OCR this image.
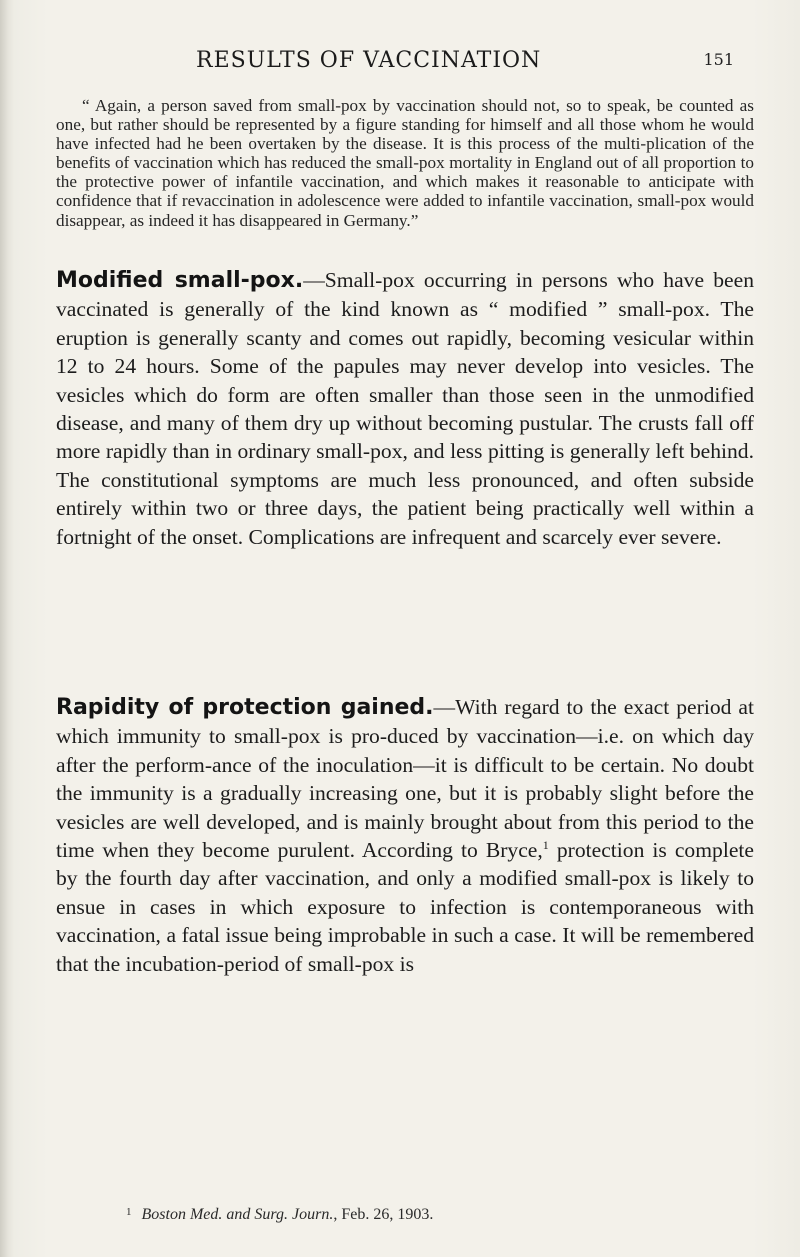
RESULTS OF VACCINATION	151

“ Again, a person saved from small-pox by vaccination should not, so to speak, be counted as one, but rather should be represented by a figure standing for himself and all those whom he would have infected had he been overtaken by the disease. It is this process of the multi-plication of the benefits of vaccination which has reduced the small-pox mortality in England out of all proportion to the protective power of infantile vaccination, and which makes it reasonable to anticipate with confidence that if revaccination in adolescence were added to infantile vaccination, small-pox would disappear, as indeed it has disappeared in Germany.”

Modified small-pox.—Small-pox occurring in persons who have been vaccinated is generally of the kind known as “ modified ” small-pox. The eruption is generally scanty and comes out rapidly, becoming vesicular within 12 to 24 hours. Some of the papules may never develop into vesicles. The vesicles which do form are often smaller than those seen in the unmodified disease, and many of them dry up without becoming pustular. The crusts fall off more rapidly than in ordinary small-pox, and less pitting is generally left behind. The constitutional symptoms are much less pronounced, and often subside entirely within two or three days, the patient being practically well within a fortnight of the onset. Complications are infrequent and scarcely ever severe.

Rapidity of protection gained.—With regard to the exact period at which immunity to small-pox is pro-duced by vaccination—i.e. on which day after the perform-ance of the inoculation—it is difficult to be certain. No doubt the immunity is a gradually increasing one, but it is probably slight before the vesicles are well developed, and is mainly brought about from this period to the time when they become purulent. According to Bryce,$^1$ protection is complete by the fourth day after vaccination, and only a modified small-pox is likely to ensue in cases in which exposure to infection is contemporaneous with vaccination, a fatal issue being improbable in such a case. It will be remembered that the incubation-period of small-pox is

$^1$ Boston Med. and Surg. Journ., Feb. 26, 1903.
